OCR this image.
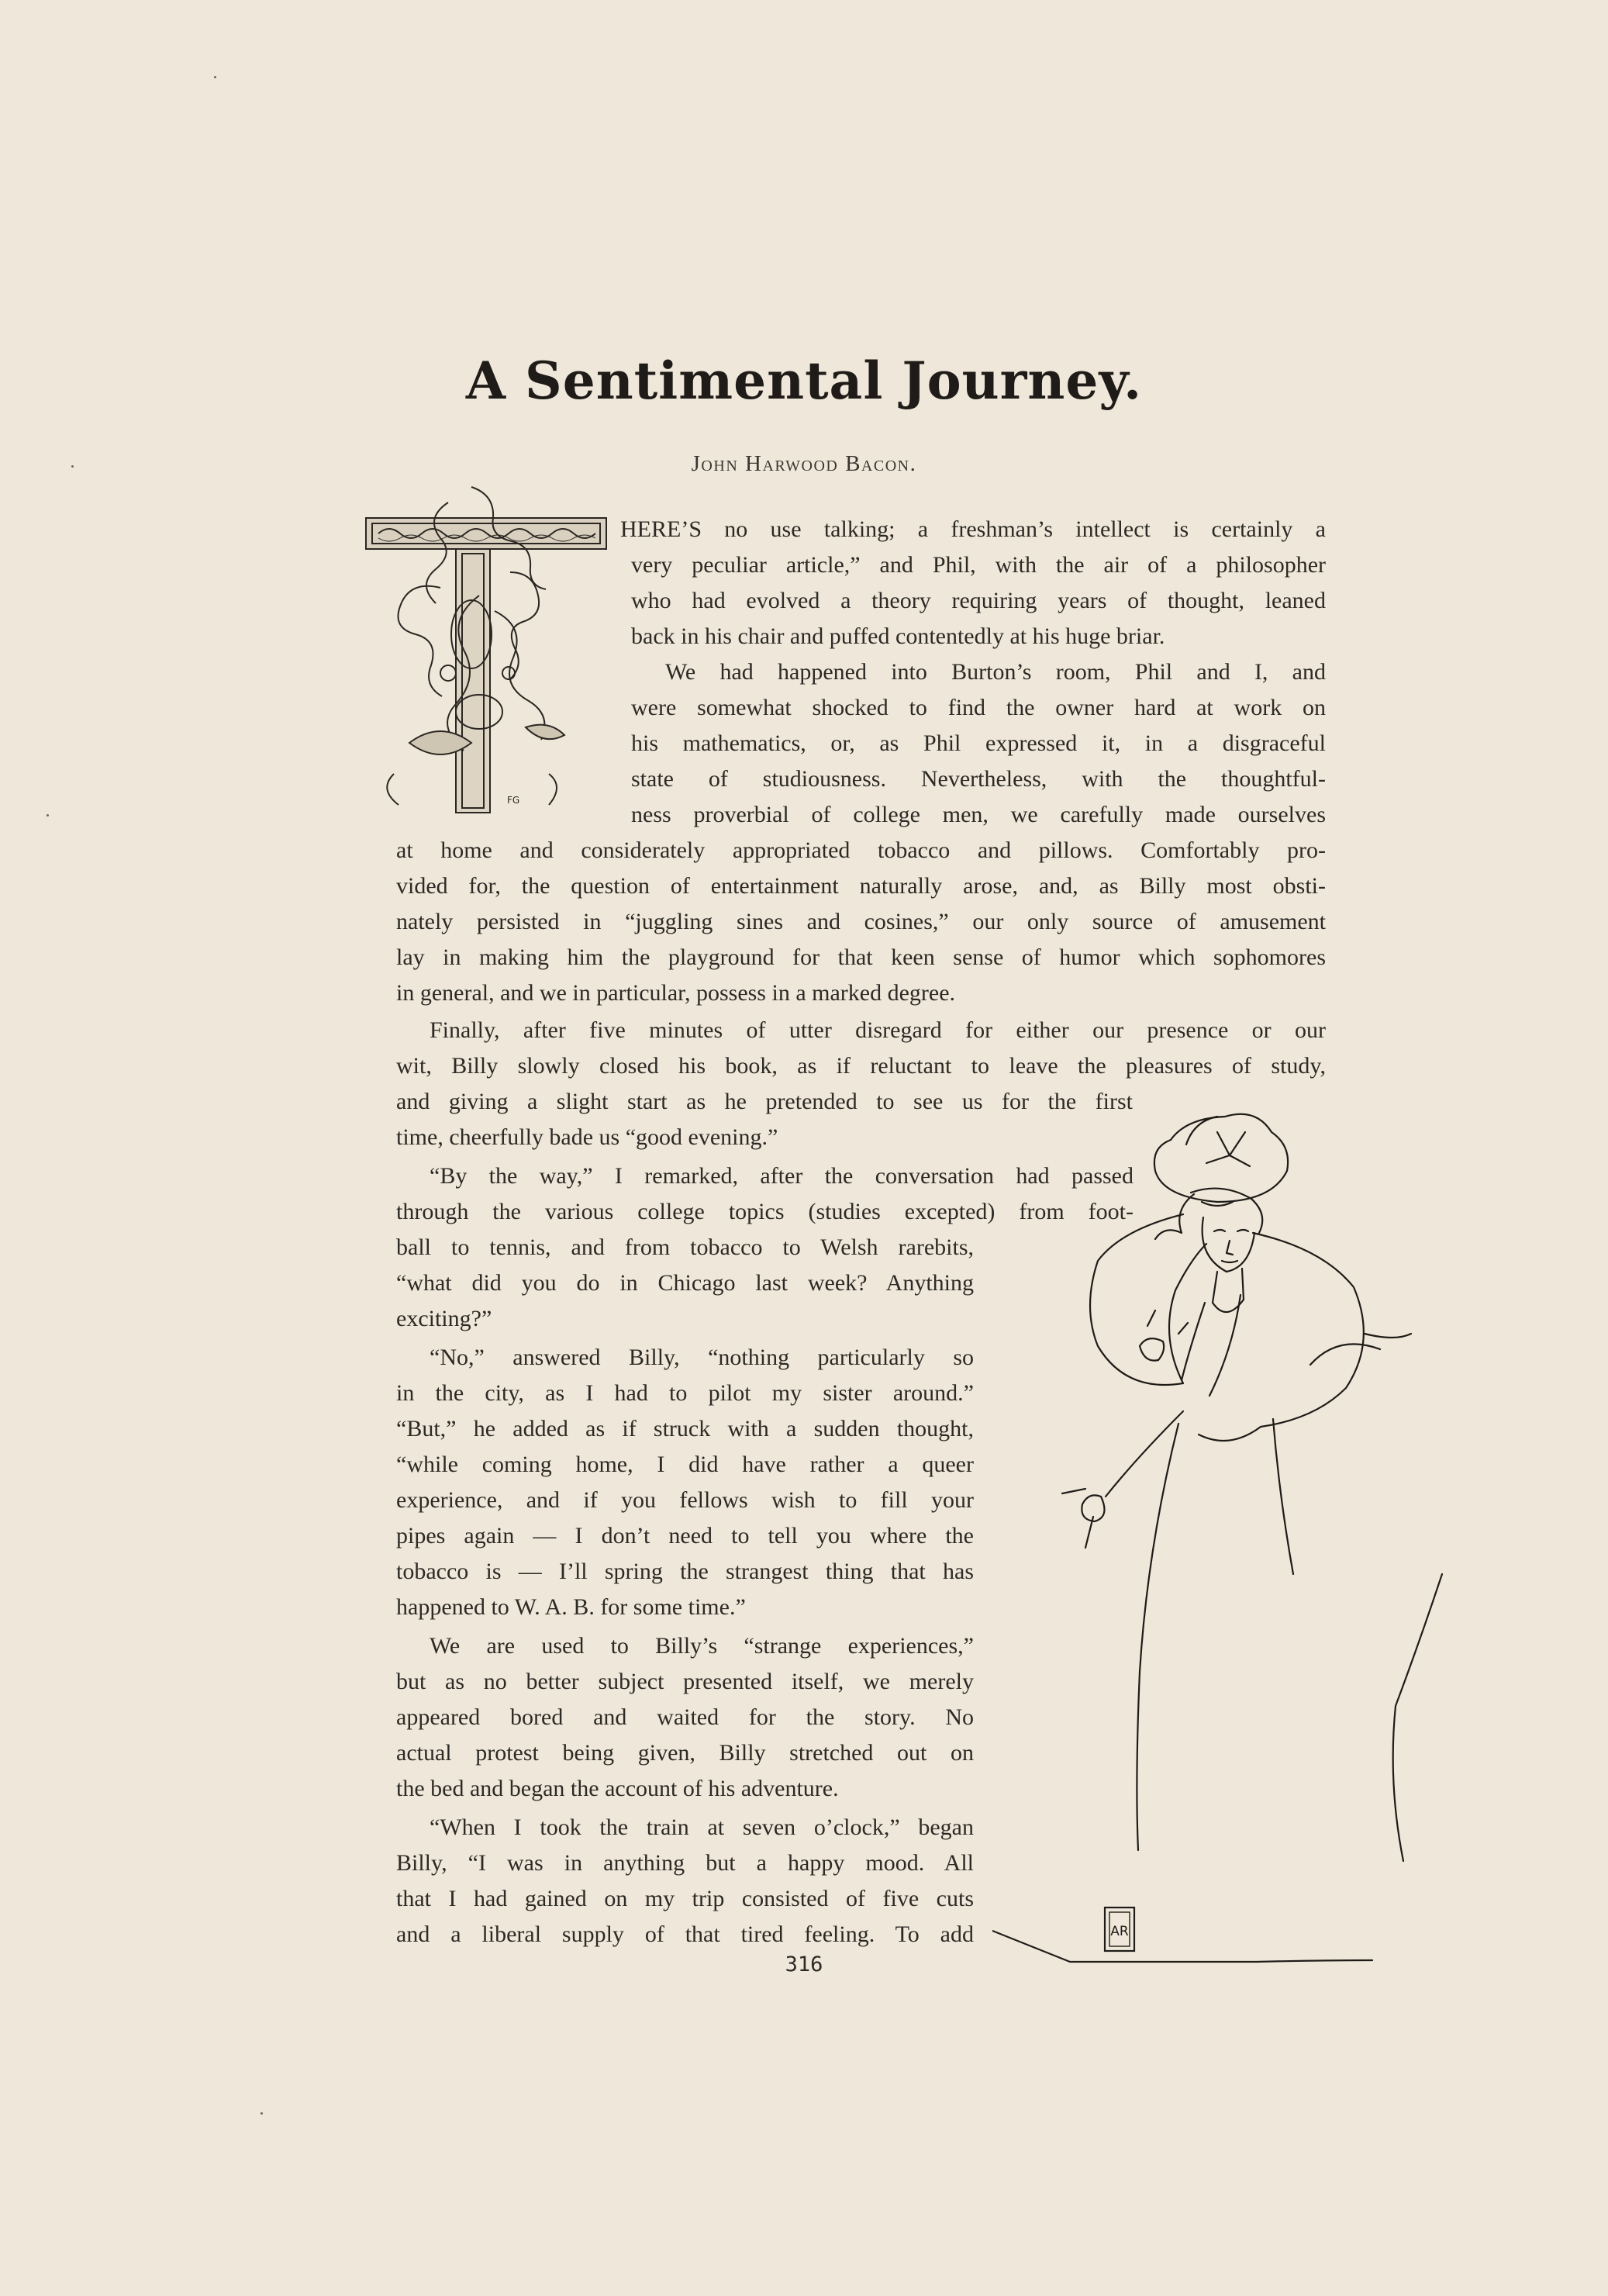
A Sentimental Journey.

John Harwood Bacon.

FG

HERE’S no use talking; a freshman’s intellect is certainly a

very peculiar article,” and Phil, with the air of a philosopher

who had evolved a theory requiring years of thought, leaned

back in his chair and puffed contentedly at his huge briar.

We had happened into Burton’s room, Phil and I, and

were somewhat shocked to find the owner hard at work on

his mathematics, or, as Phil expressed it, in a disgraceful

state of studiousness. Nevertheless, with the thoughtful-

ness proverbial of college men, we carefully made ourselves

at home and considerately appropriated tobacco and pillows. Comfortably pro-

vided for, the question of entertainment naturally arose, and, as Billy most obsti-

nately persisted in “juggling sines and cosines,” our only source of amusement

lay in making him the playground for that keen sense of humor which sophomores

in general, and we in particular, possess in a marked degree.

Finally, after five minutes of utter disregard for either our presence or our

wit, Billy slowly closed his book, as if reluctant to leave the pleasures of study,

and giving a slight start as he pretended to see us for the first

time, cheerfully bade us “good evening.”

“By the way,” I remarked, after the conversation had passed

through the various college topics (studies excepted) from foot-

ball to tennis, and from tobacco to Welsh rarebits,

“what did you do in Chicago last week? Anything

exciting?”

“No,” answered Billy, “nothing particularly so

in the city, as I had to pilot my sister around.”

“But,” he added as if struck with a sudden thought,

“while coming home, I did have rather a queer

experience, and if you fellows wish to fill your

pipes again — I don’t need to tell you where the

tobacco is — I’ll spring the strangest thing that has

happened to W. A. B. for some time.”

We are used to Billy’s “strange experiences,”

but as no better subject presented itself, we merely

appeared bored and waited for the story. No

actual protest being given, Billy stretched out on

the bed and began the account of his adventure.

“When I took the train at seven o’clock,” began

Billy, “I was in anything but a happy mood. All

that I had gained on my trip consisted of five cuts

and a liberal supply of that tired feeling. To add	AR

316
